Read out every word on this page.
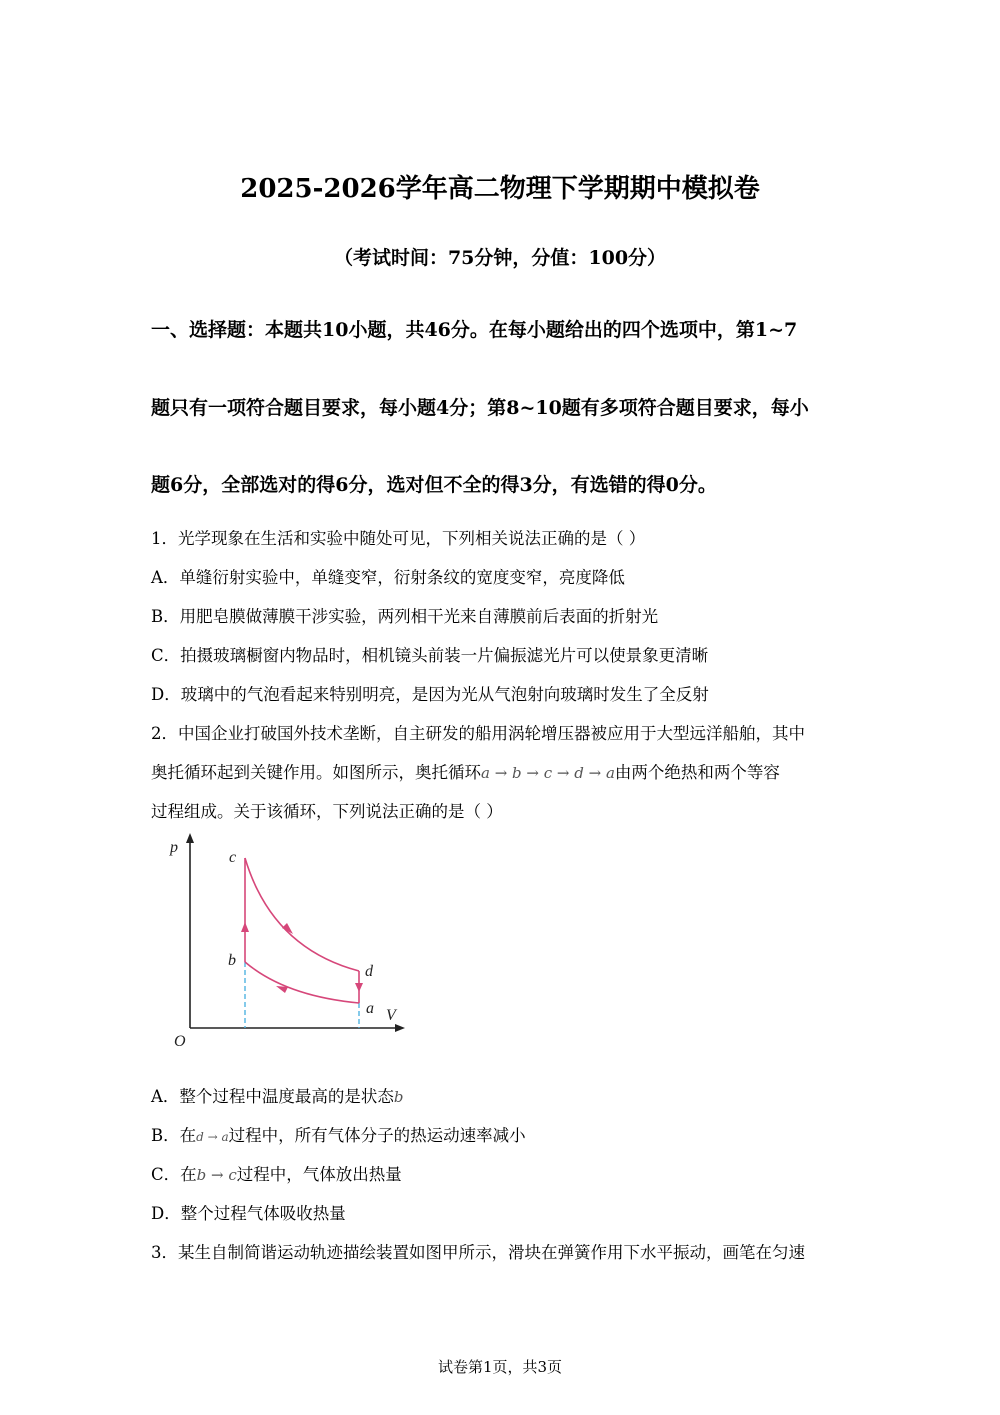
2025-2026学年高二物理下学期期中模拟卷
（考试时间：75分钟，分值：100分）
一、选择题：本题共10小题，共46分。在每小题给出的四个选项中，第1~7
题只有一项符合题目要求，每小题4分；第8~10题有多项符合题目要求，每小
题6分，全部选对的得6分，选对但不全的得3分，有选错的得0分。
1．光学现象在生活和实验中随处可见，下列相关说法正确的是（ ）
A．单缝衍射实验中，单缝变窄，衍射条纹的宽度变窄，亮度降低
B．用肥皂膜做薄膜干涉实验，两列相干光来自薄膜前后表面的折射光
C．拍摄玻璃橱窗内物品时，相机镜头前装一片偏振滤光片可以使景象更清晰
D．玻璃中的气泡看起来特别明亮，是因为光从气泡射向玻璃时发生了全反射
2．中国企业打破国外技术垄断，自主研发的船用涡轮增压器被应用于大型远洋船舶，其中
奥托循环起到关键作用。如图所示，奥托循环a → b → c → d → a由两个绝热和两个等容
过程组成。关于该循环，下列说法正确的是（ ）
p
V
O
c
b
d
a
A．整个过程中温度最高的是状态b
B．在d → a过程中，所有气体分子的热运动速率减小
C．在b → c过程中，气体放出热量
D．整个过程气体吸收热量
3．某生自制简谐运动轨迹描绘装置如图甲所示，滑块在弹簧作用下水平振动，画笔在匀速
试卷第1页，共3页
